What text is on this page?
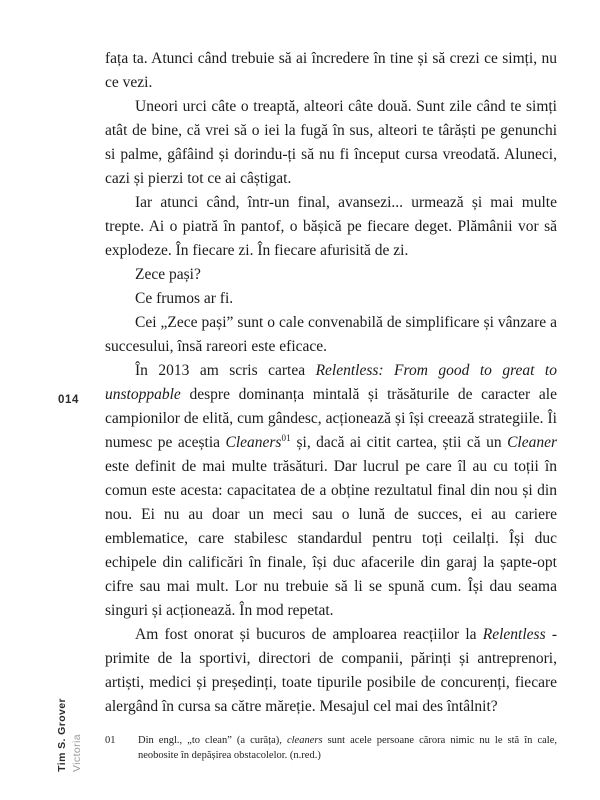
014

fața ta. Atunci când trebuie să ai încredere în tine și să crezi ce simți, nu ce vezi.

Uneori urci câte o treaptă, alteori câte două. Sunt zile când te simți atât de bine, că vrei să o iei la fugă în sus, alteori te târăști pe genunchi si palme, gâfâind și dorindu-ți să nu fi început cursa vreodată. Aluneci, cazi și pierzi tot ce ai câștigat.

Iar atunci când, într-un final, avansezi... urmează și mai multe trepte. Ai o piatră în pantof, o bășică pe fiecare deget. Plămânii vor să explodeze. În fiecare zi. În fiecare afurisită de zi.

Zece pași?

Ce frumos ar fi.

Cei „Zece pași” sunt o cale convenabilă de simplificare și vânzare a succesului, însă rareori este eficace.

În 2013 am scris cartea Relentless: From good to great to unstoppable despre dominanța mintală și trăsăturile de caracter ale campionilor de elită, cum gândesc, acționează și își creează strategiile. Îi numesc pe aceștia Cleaners$^{01}$ și, dacă ai citit cartea, știi că un Cleaner este definit de mai multe trăsături. Dar lucrul pe care îl au cu toții în comun este acesta: capacitatea de a obține rezultatul final din nou și din nou. Ei nu au doar un meci sau o lună de succes, ei au cariere emblematice, care stabilesc standardul pentru toți ceilalți. Își duc echipele din calificări în finale, își duc afacerile din garaj la șapte-opt cifre sau mai mult. Lor nu trebuie să li se spună cum. Își dau seama singuri și acționează. În mod repetat.

Am fost onorat și bucuros de amploarea reacțiilor la Relentless - primite de la sportivi, directori de companii, părinți și antreprenori, artiști, medici și președinți, toate tipurile posibile de concurenți, fiecare alergând în cursa sa către măreție. Mesajul cel mai des întâlnit?

Tim S. Grover Victoria 01	Din engl., „to clean” (a curăța), cleaners sunt acele persoane cărora nimic nu le stă în cale, neobosite în depășirea obstacolelor. (n.red.)
